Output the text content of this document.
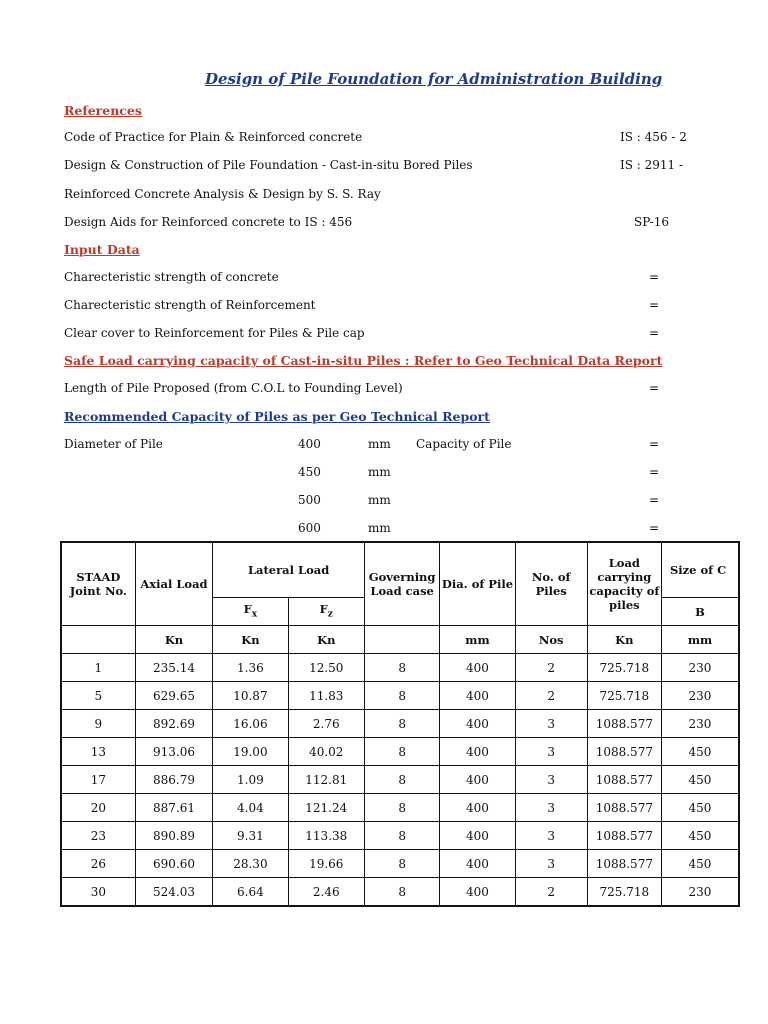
Design of Pile Foundation for Administration Building
References
Code of Practice for Plain & Reinforced concrete	IS : 456 - 2
Design & Construction of Pile Foundation - Cast-in-situ Bored Piles	IS : 2911 -
Reinforced Concrete Analysis & Design by S. S. Ray
Design Aids for Reinforced concrete to IS : 456	SP-16
Input Data
Charecteristic strength of concrete	=
Charecteristic strength of Reinforcement	=
Clear cover to Reinforcement for Piles & Pile cap	=
Safe Load carrying capacity of Cast-in-situ Piles : Refer to Geo Technical Data Report
Length of Pile Proposed (from C.O.L to Founding Level)	=
Recommended Capacity of Piles as per Geo Technical Report
Diameter of Pile	400	mm Capacity of Pile	=
450	mm	=
500	mm	=
600	mm	=
STAAD Joint No.	Axial Load	Lateral Load		Governing Load case	Dia. of Pile	No. of Piles	Load carrying capacity of piles	Size of C
		$F_x$	$F_z$					B
	Kn	Kn	Kn		mm	Nos	Kn	mm
1	235.14	1.36	12.50	8	400	2	725.718	230
5	629.65	10.87	11.83	8	400	2	725.718	230
9	892.69	16.06	2.76	8	400	3	1088.577	230
13	913.06	19.00	40.02	8	400	3	1088.577	450
17	886.79	1.09	112.81	8	400	3	1088.577	450
20	887.61	4.04	121.24	8	400	3	1088.577	450
23	890.89	9.31	113.38	8	400	3	1088.577	450
26	690.60	28.30	19.66	8	400	3	1088.577	450
30	524.03	6.64	2.46	8	400	2	725.718	230
